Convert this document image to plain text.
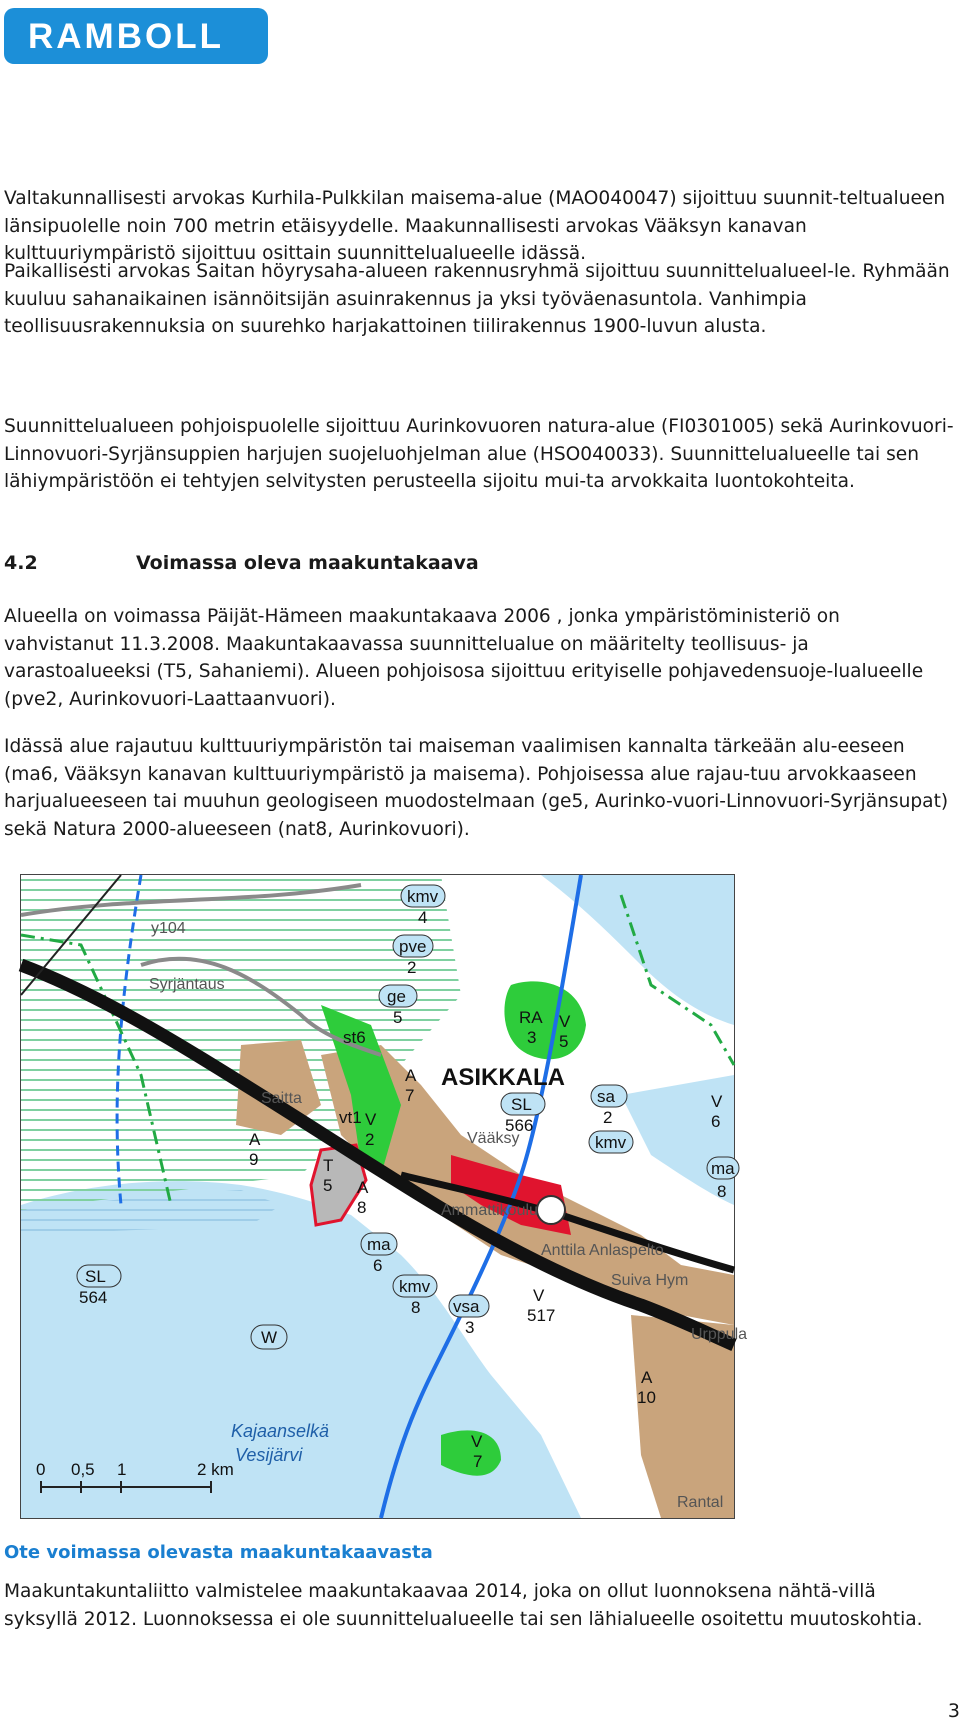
RAMBOLL

Valtakunnallisesti arvokas Kurhila-Pulkkilan maisema-alue (MAO040047) sijoittuu suunnit-teltualueen länsipuolelle noin 700 metrin etäisyydelle. Maakunnallisesti arvokas Vääksyn kanavan kulttuuriympäristö sijoittuu osittain suunnittelualueelle idässä.

Paikallisesti arvokas Saitan höyrysaha-alueen rakennusryhmä sijoittuu suunnittelualueel-le. Ryhmään kuuluu sahanaikainen isännöitsijän asuinrakennus ja yksi työväenasuntola. Vanhimpia teollisuusrakennuksia on suurehko harjakattoinen tiilirakennus 1900-luvun alusta.

Suunnittelualueen pohjoispuolelle sijoittuu Aurinkovuoren natura-alue (FI0301005) sekä Aurinkovuori-Linnovuori-Syrjänsuppien harjujen suojeluohjelman alue (HSO040033). Suunnittelualueelle tai sen lähiympäristöön ei tehtyjen selvitysten perusteella sijoitu mui-ta arvokkaita luontokohteita.

4.2	Voimassa oleva maakuntakaava

Alueella on voimassa Päijät-Hämeen maakuntakaava 2006 , jonka ympäristöministeriö on vahvistanut 11.3.2008. Maakuntakaavassa suunnittelualue on määritelty teollisuus- ja varastoalueeksi (T5, Sahaniemi). Alueen pohjoisosa sijoittuu erityiselle pohjavedensuoje-lualueelle (pve2, Aurinkovuori-Laattaanvuori).

Idässä alue rajautuu kulttuuriympäristön tai maiseman vaalimisen kannalta tärkeään alu-eeseen (ma6, Vääksyn kanavan kulttuuriympäristö ja maisema). Pohjoisessa alue rajau-tuu arvokkaaseen harjualueeseen tai muuhun geologiseen muodostelmaan (ge5, Aurinko-vuori-Linnovuori-Syrjänsupat) sekä Natura 2000-alueeseen (nat8, Aurinkovuori).

kmv
4
pve
2
ge
5	RA
3
V
5
st6
ASIKKALA
A
7
Syrjäntaus
Saitta
y104
A
9
vt1 V
2	Vääksy
SL
566
sa
2
kmv
V
6
ma
8
T
5 A
8
ma
6
Ammattikoulu
kmv
8 vsa
3
Anttila Anlaspelto
V
517
Suiva Hym
Urppula
A
10
Rantal
SL
564
W
V
7
Kajaanselkä
Vesijärvi
0 0,5 1	2 km
Ote voimassa olevasta maakuntakaavasta

Maakuntakuntaliitto valmistelee maakuntakaavaa 2014, joka on ollut luonnoksena nähtä-villä syksyllä 2012. Luonnoksessa ei ole suunnittelualueelle tai sen lähialueelle osoitettu muutoskohtia.

3
